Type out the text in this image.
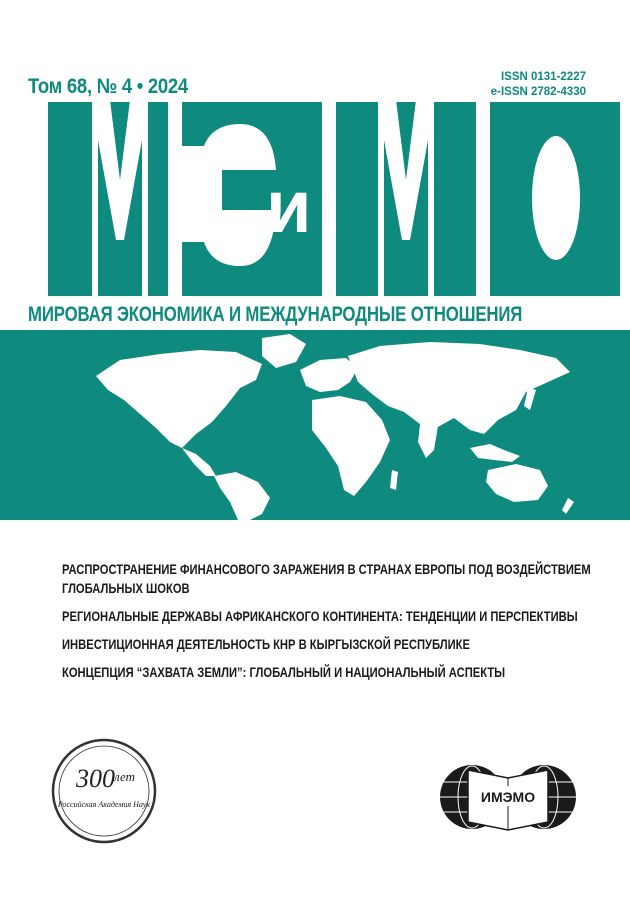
Том 68, № 4 • 2024	ISSN 0131-2227
e-ISSN 2782-4330
и
МИРОВАЯ ЭКОНОМИКА И МЕЖДУНАРОДНЫЕ ОТНОШЕНИЯ
РАСПРОСТРАНЕНИЕ ФИНАНСОВОГО ЗАРАЖЕНИЯ В СТРАНАХ ЕВРОПЫ ПОД ВОЗДЕЙСТВИЕМ ГЛОБАЛЬНЫХ ШОКОВ
РЕГИОНАЛЬНЫЕ ДЕРЖАВЫ АФРИКАНСКОГО КОНТИНЕНТА: ТЕНДЕНЦИИ И ПЕРСПЕКТИВЫ
ИНВЕСТИЦИОННАЯ ДЕЯТЕЛЬНОСТЬ КНР В КЫРГЫЗСКОЙ РЕСПУБЛИКЕ
КОНЦЕПЦИЯ “ЗАХВАТА ЗЕМЛИ”: ГЛОБАЛЬНЫЙ И НАЦИОНАЛЬНЫЙ АСПЕКТЫ
300 лет
Российская Академия Наук	ИМЭМО
